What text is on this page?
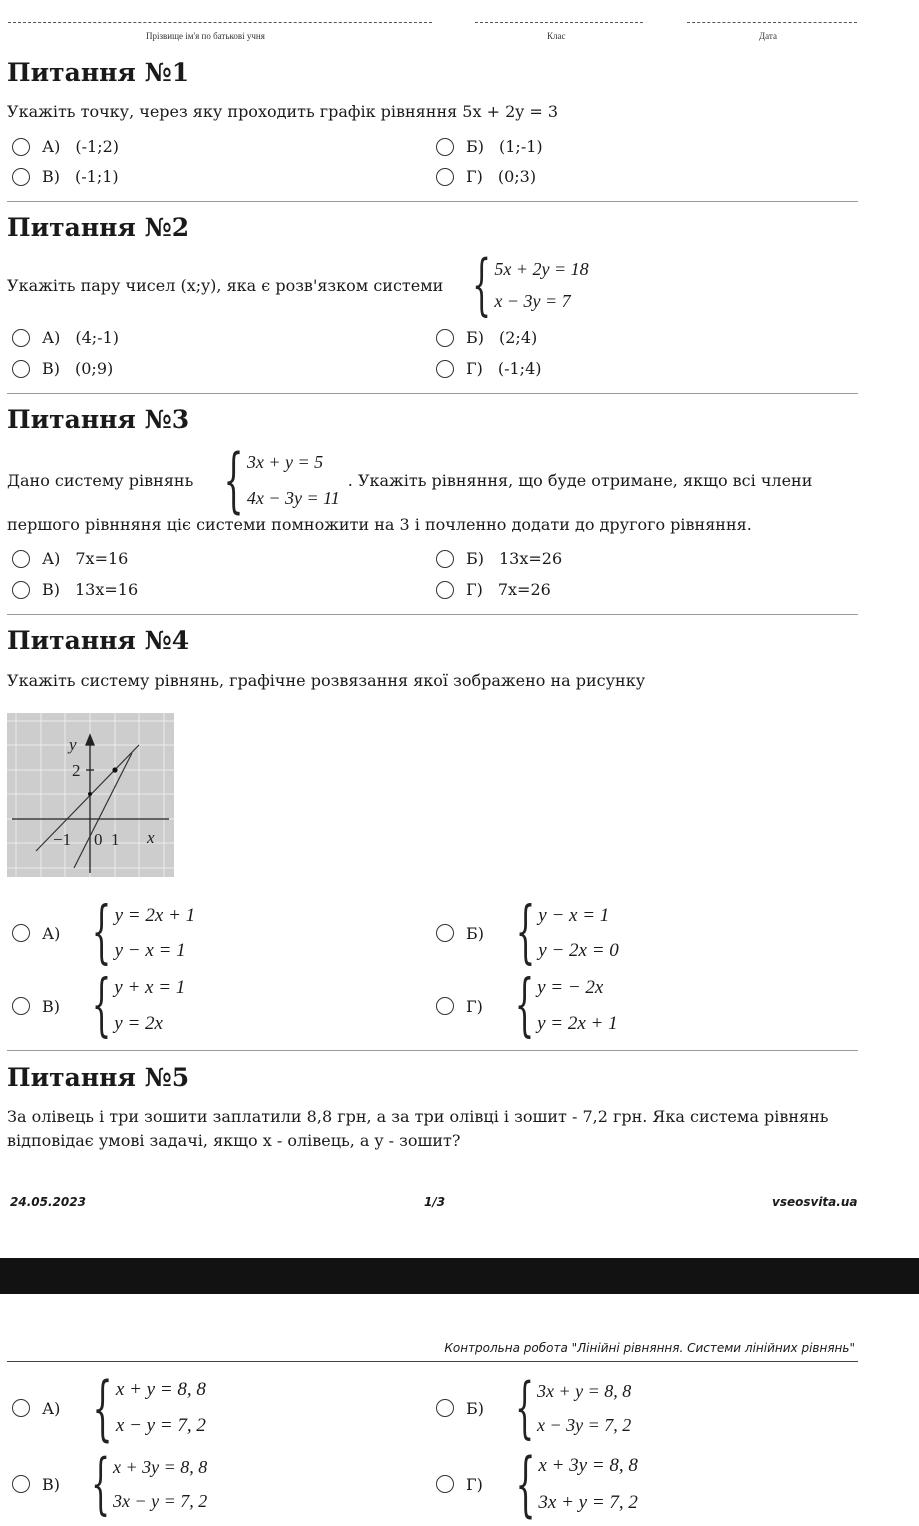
Прізвище ім'я по батькові учня	Клас	Дата
Питання №1
Укажіть точку, через яку проходить графік рівняння 5x + 2y = 3
А) (-1;2)	Б) (1;-1)
В) (-1;1)	Г) (0;3)
Питання №2
Укажіть пару чисел (x;y), яка є розв'язком системи { 5x + 2y = 18
x − 3y = 7
А) (4;-1)	Б) (2;4)
В) (0;9)	Г) (-1;4)
Питання №3
Дано систему рівнянь { 3x + y = 5
4x − 3y = 11
. Укажіть рівняння, що буде отримане, якщо всі члени
першого рівнняня ціє системи помножити на 3 і почленно додати до другого рівняння.
А) 7x=16	Б) 13x=26
В) 13x=16	Г) 7x=26
Питання №4
Укажіть систему рівнянь, графічне розвязання якої зображено на рисунку
y
x
2
−1 0 1
А) { y = 2x + 1
y − x = 1
Б) { y − x = 1
y − 2x = 0
В) { y + x = 1
y = 2x
Г) { y = − 2x
y = 2x + 1
Питання №5
За олівець і три зошити заплатили 8,8 грн, а за три олівці і зошит - 7,2 грн. Яка система рівнянь
відповідає умові задачі, якщо x - олівець, а y - зошит?
24.05.2023	1/3	vseosvita.ua
Контрольна робота "Лінійні рівняння. Системи лінійних рівнянь"
А) { x + y = 8, 8
x − y = 7, 2
Б) { 3x + y = 8, 8
x − 3y = 7, 2
В) { x + 3y = 8, 8
3x − y = 7, 2
Г) { x + 3y = 8, 8
3x + y = 7, 2
